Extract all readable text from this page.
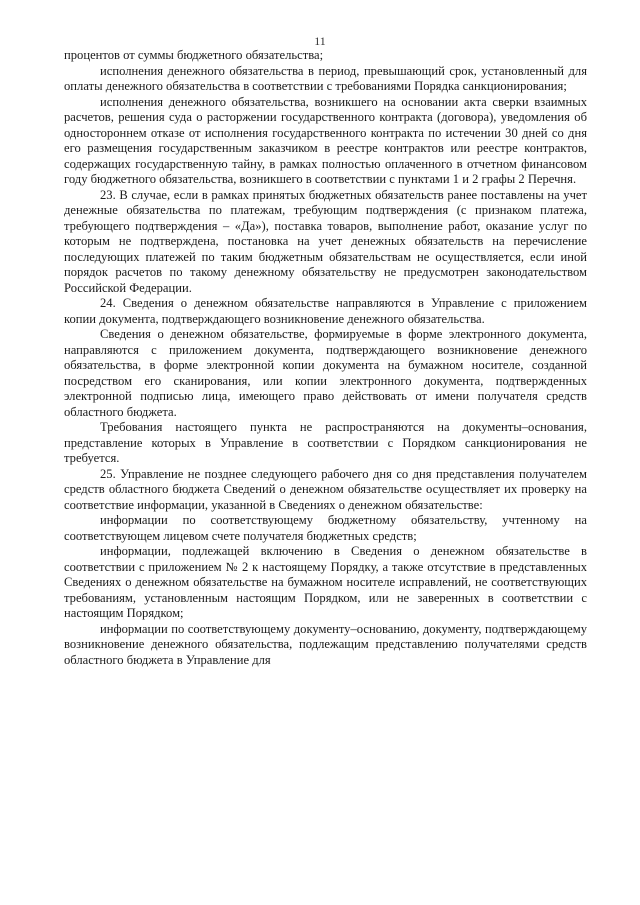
11

процентов от суммы бюджетного обязательства;

исполнения денежного обязательства в период, превышающий срок, установленный для оплаты денежного обязательства в соответствии с требованиями Порядка санкционирования;

исполнения денежного обязательства, возникшего на основании акта сверки взаимных расчетов, решения суда о расторжении государственного контракта (договора), уведомления об одностороннем отказе от исполнения государственного контракта по истечении 30 дней со дня его размещения государственным заказчиком в реестре контрактов или реестре контрактов, содержащих государственную тайну, в рамках полностью оплаченного в отчетном финансовом году бюджетного обязательства, возникшего в соответствии с пунктами 1 и 2 графы 2 Перечня.

23. В случае, если в рамках принятых бюджетных обязательств ранее поставлены на учет денежные обязательства по платежам, требующим подтверждения (с признаком платежа, требующего подтверждения – «Да»), поставка товаров, выполнение работ, оказание услуг по которым не подтверждена, постановка на учет денежных обязательств на перечисление последующих платежей по таким бюджетным обязательствам не осуществляется, если иной порядок расчетов по такому денежному обязательству не предусмотрен законодательством Российской Федерации.

24. Сведения о денежном обязательстве направляются в Управление с приложением копии документа, подтверждающего возникновение денежного обязательства.

Сведения о денежном обязательстве, формируемые в форме электронного документа, направляются с приложением документа, подтверждающего возникновение денежного обязательства, в форме электронной копии документа на бумажном носителе, созданной посредством его сканирования, или копии электронного документа, подтвержденных электронной подписью лица, имеющего право действовать от имени получателя средств областного бюджета.

Требования настоящего пункта не распространяются на документы–основания, представление которых в Управление в соответствии с Порядком санкционирования не требуется.

25. Управление не позднее следующего рабочего дня со дня представления получателем средств областного бюджета Сведений о денежном обязательстве осуществляет их проверку на соответствие информации, указанной в Сведениях о денежном обязательстве:

информации по соответствующему бюджетному обязательству, учтенному на соответствующем лицевом счете получателя бюджетных средств;

информации, подлежащей включению в Сведения о денежном обязательстве в соответствии с приложением № 2 к настоящему Порядку, а также отсутствие в представленных Сведениях о денежном обязательстве на бумажном носителе исправлений, не соответствующих требованиям, установленным настоящим Порядком, или не заверенных в соответствии с настоящим Порядком;

информации по соответствующему документу–основанию, документу, подтверждающему возникновение денежного обязательства, подлежащим представлению получателями средств областного бюджета в Управление для
